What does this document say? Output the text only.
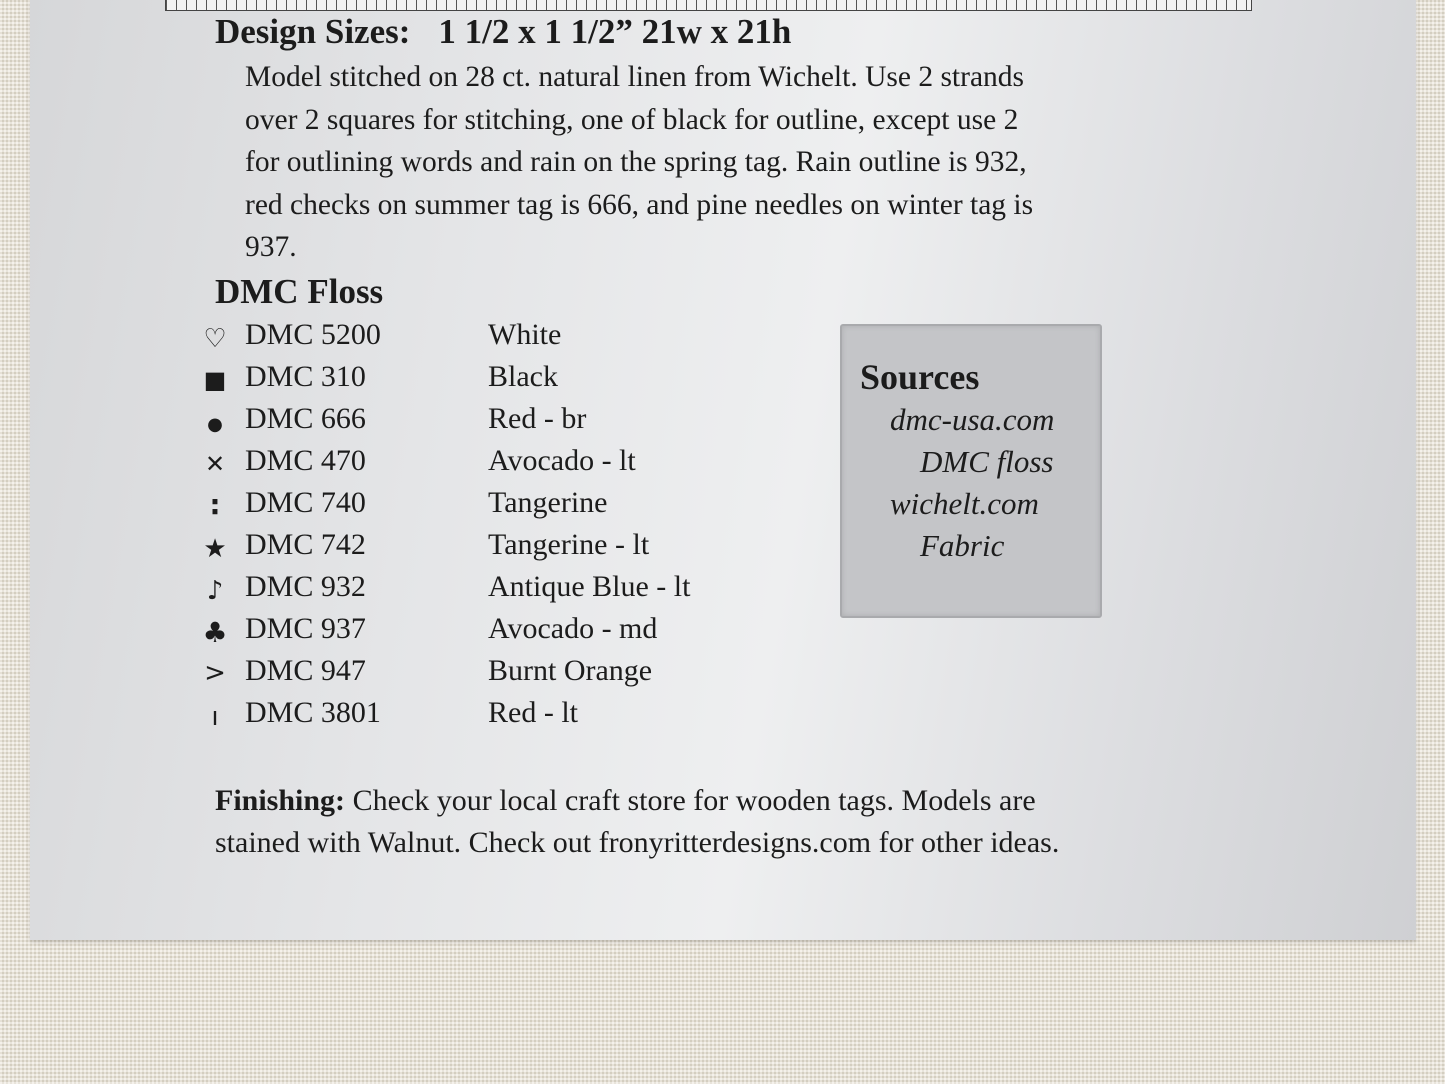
Design Sizes: 1 1/2 x 1 1/2” 21w x 21h
Model stitched on 28 ct. natural linen from Wichelt. Use 2 strands
over 2 squares for stitching, one of black for outline, except use 2
for outlining words and rain on the spring tag. Rain outline is 932,
red checks on summer tag is 666, and pine needles on winter tag is
937.
DMC Floss
♡ DMC 5200	White
■ DMC 310	Black
● DMC 666	Red - br
✕ DMC 470	Avocado - lt
: DMC 740	Tangerine
★ DMC 742	Tangerine - lt
♪ DMC 932	Antique Blue - lt
♣ DMC 937	Avocado - md
> DMC 947	Burnt Orange
ı DMC 3801	Red - lt
Sources
dmc-usa.com
DMC floss
wichelt.com
Fabric
Finishing: Check your local craft store for wooden tags. Models are
stained with Walnut. Check out fronyritterdesigns.com for other ideas.
